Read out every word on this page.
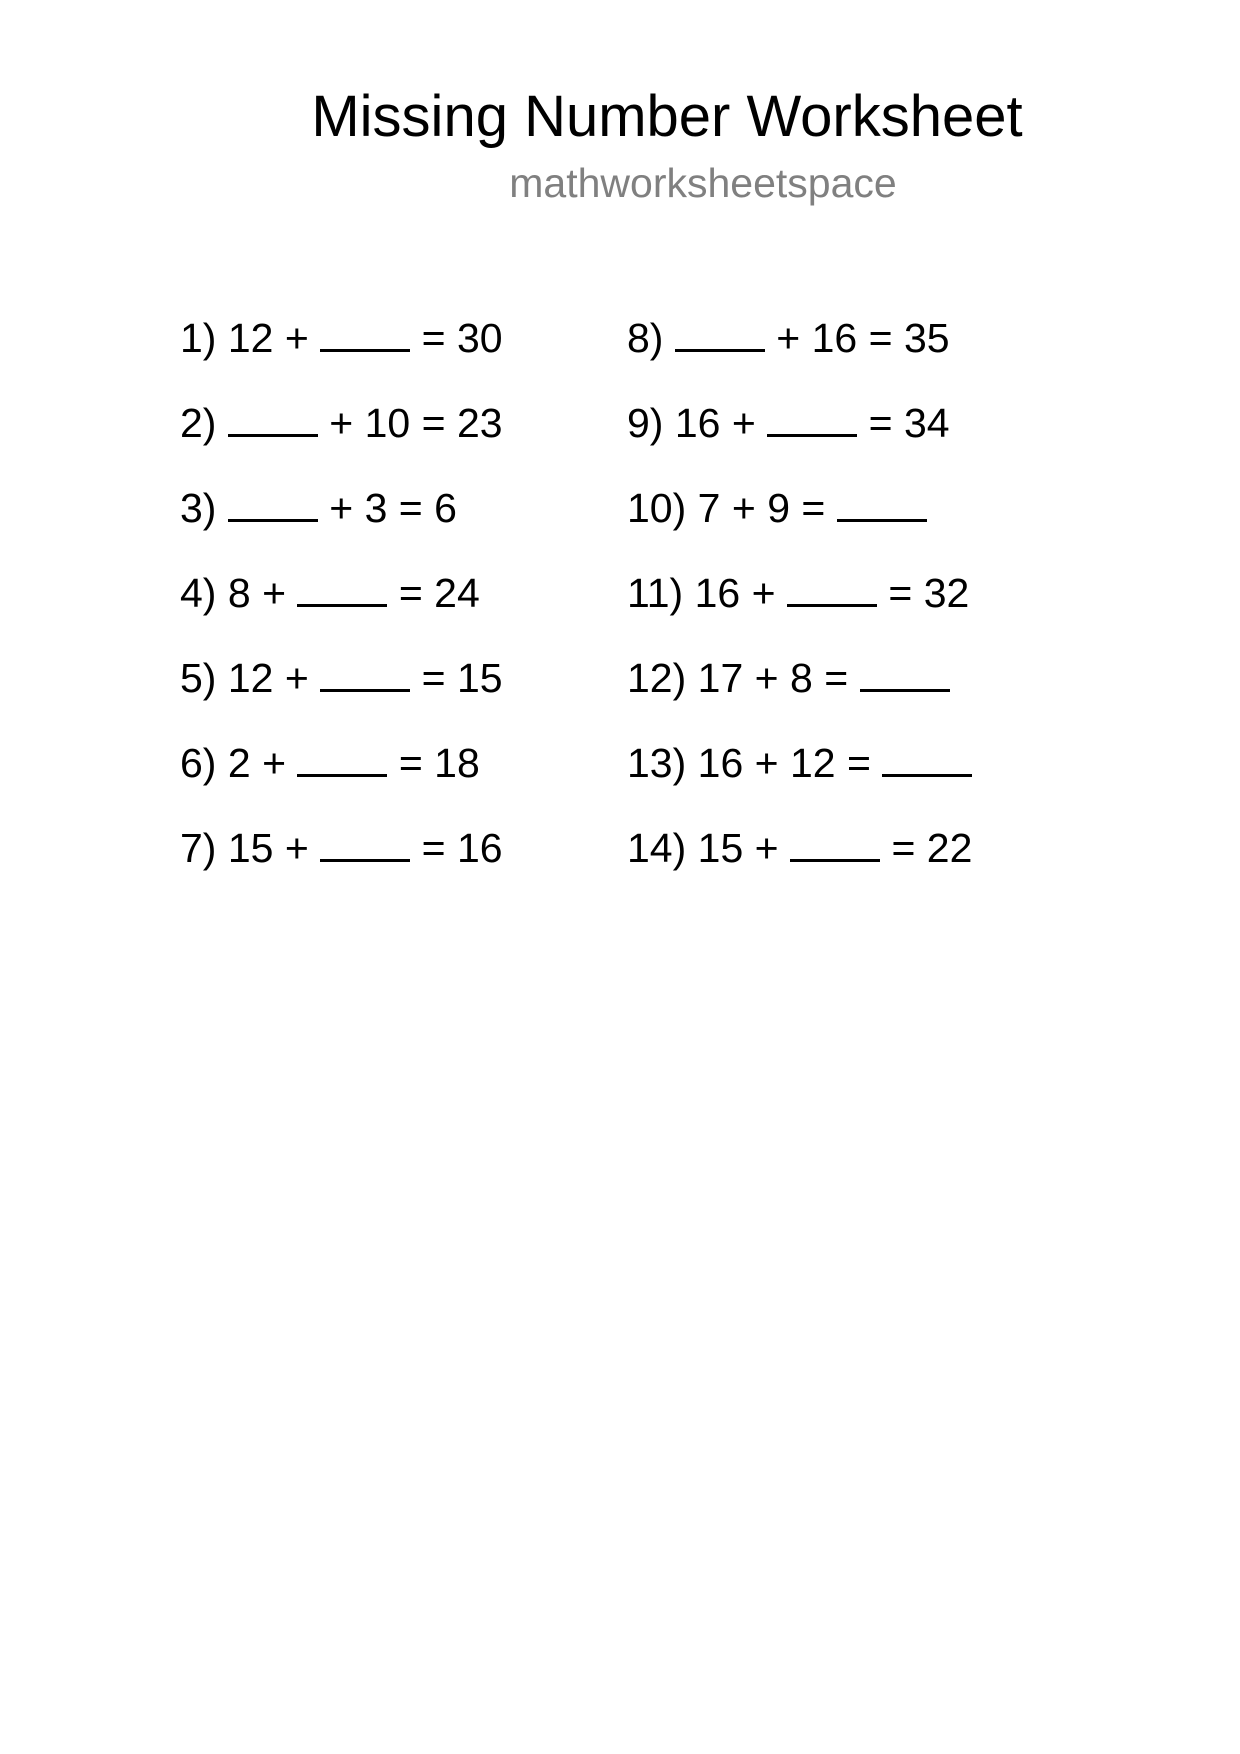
Missing Number Worksheet
mathworksheetspace
1) 12 +	= 30
2)	+ 10 = 23
3)	+ 3 = 6
4) 8 +	= 24
5) 12 +	= 15
6) 2 +	= 18
7) 15 +	= 16
8)	+ 16 = 35
9) 16 +	= 34
10) 7 + 9 =
11) 16 +	= 32
12) 17 + 8 =
13) 16 + 12 =
14) 15 +	= 22
